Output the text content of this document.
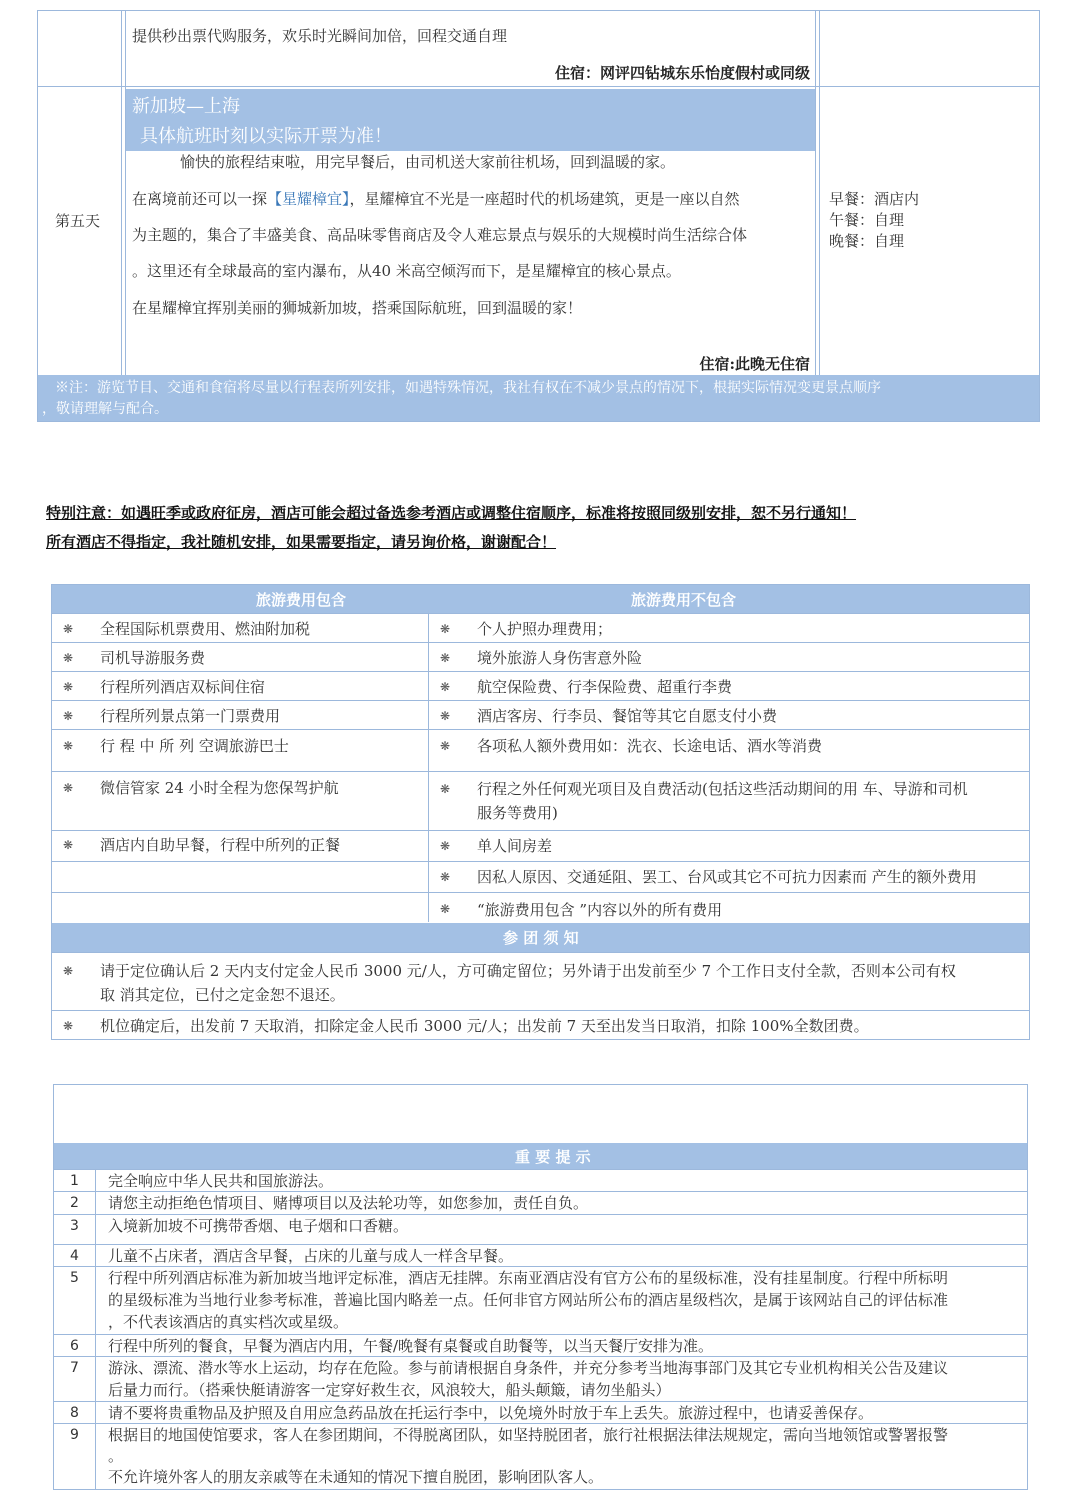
提供秒出票代购服务，欢乐时光瞬间加倍，回程交通自理
住宿：网评四钻城东乐怡度假村或同级
第五天
新加坡—上海
具体航班时刻以实际开票为准！
愉快的旅程结束啦，用完早餐后，由司机送大家前往机场，回到温暖的家。
在离境前还可以一探【星耀樟宜】，星耀樟宜不光是一座超时代的机场建筑，更是一座以自然
为主题的，集合了丰盛美食、高品味零售商店及令人难忘景点与娱乐的大规模时尚生活综合体
。这里还有全球最高的室内瀑布，从40 米高空倾泻而下，是星耀樟宜的核心景点。
在星耀樟宜挥别美丽的狮城新加坡，搭乘国际航班，回到温暖的家！
住宿:此晚无住宿
早餐：酒店内
午餐：自理
晚餐：自理
※注：游览节目、交通和食宿将尽量以行程表所列安排，如遇特殊情况，我社有权在不减少景点的情况下，根据实际情况变更景点顺序
，敬请理解与配合。
特别注意：如遇旺季或政府征房，酒店可能会超过备选参考酒店或调整住宿顺序，标准将按照同级别安排，恕不另行通知！
所有酒店不得指定，我社随机安排，如果需要指定，请另询价格，谢谢配合！
旅游费用包含	旅游费用不包含
❋ 全程国际机票费用、燃油附加税
❋ 司机导游服务费
❋ 行程所列酒店双标间住宿
❋ 行程所列景点第一门票费用
❋ 行 程 中 所 列 空调旅游巴士
❋ 微信管家 24 小时全程为您保驾护航
❋ 酒店内自助早餐，行程中所列的正餐
❋ 个人护照办理费用；
❋ 境外旅游人身伤害意外险
❋ 航空保险费、行李保险费、超重行李费
❋ 酒店客房、行李员、餐馆等其它自愿支付小费
❋ 各项私人额外费用如：洗衣、长途电话、酒水等消费
❋ 行程之外任何观光项目及自费活动(包括这些活动期间的用 车、导游和司机
服务等费用)
❋ 单人间房差
❋ 因私人原因、交通延阻、罢工、台风或其它不可抗力因素而 产生的额外费用
❋ “旅游费用包含 ”内容以外的所有费用
参 团 须 知
❋ 请于定位确认后 2 天内支付定金人民币 3000 元/人，方可确定留位；另外请于出发前至少 7 个工作日支付全款，否则本公司有权
取 消其定位，已付之定金恕不退还。
❋ 机位确定后，出发前 7 天取消，扣除定金人民币 3000 元/人；出发前 7 天至出发当日取消，扣除 100%全数团费。
重 要 提 示
1 完全响应中华人民共和国旅游法。
2 请您主动拒绝色情项目、赌博项目以及法轮功等，如您参加，责任自负。
3 入境新加坡不可携带香烟、电子烟和口香糖。
4 儿童不占床者，酒店含早餐，占床的儿童与成人一样含早餐。
5 行程中所列酒店标准为新加坡当地评定标准，酒店无挂牌。东南亚酒店没有官方公布的星级标准，没有挂星制度。行程中所标明
的星级标准为当地行业参考标准，普遍比国内略差一点。任何非官方网站所公布的酒店星级档次，是属于该网站自己的评估标准
，不代表该酒店的真实档次或星级。
6 行程中所列的餐食，早餐为酒店内用，午餐/晚餐有桌餐或自助餐等，以当天餐厅安排为准。
7 游泳、漂流、潜水等水上运动，均存在危险。参与前请根据自身条件，并充分参考当地海事部门及其它专业机构相关公告及建议
后量力而行。（搭乘快艇请游客一定穿好救生衣，风浪较大，船头颠簸，请勿坐船头）
8 请不要将贵重物品及护照及自用应急药品放在托运行李中，以免境外时放于车上丢失。旅游过程中，也请妥善保存。
9 根据目的地国使馆要求，客人在参团期间，不得脱离团队，如坚持脱团者，旅行社根据法律法规规定，需向当地领馆或警署报警
。
不允许境外客人的朋友亲戚等在未通知的情况下擅自脱团，影响团队客人。
